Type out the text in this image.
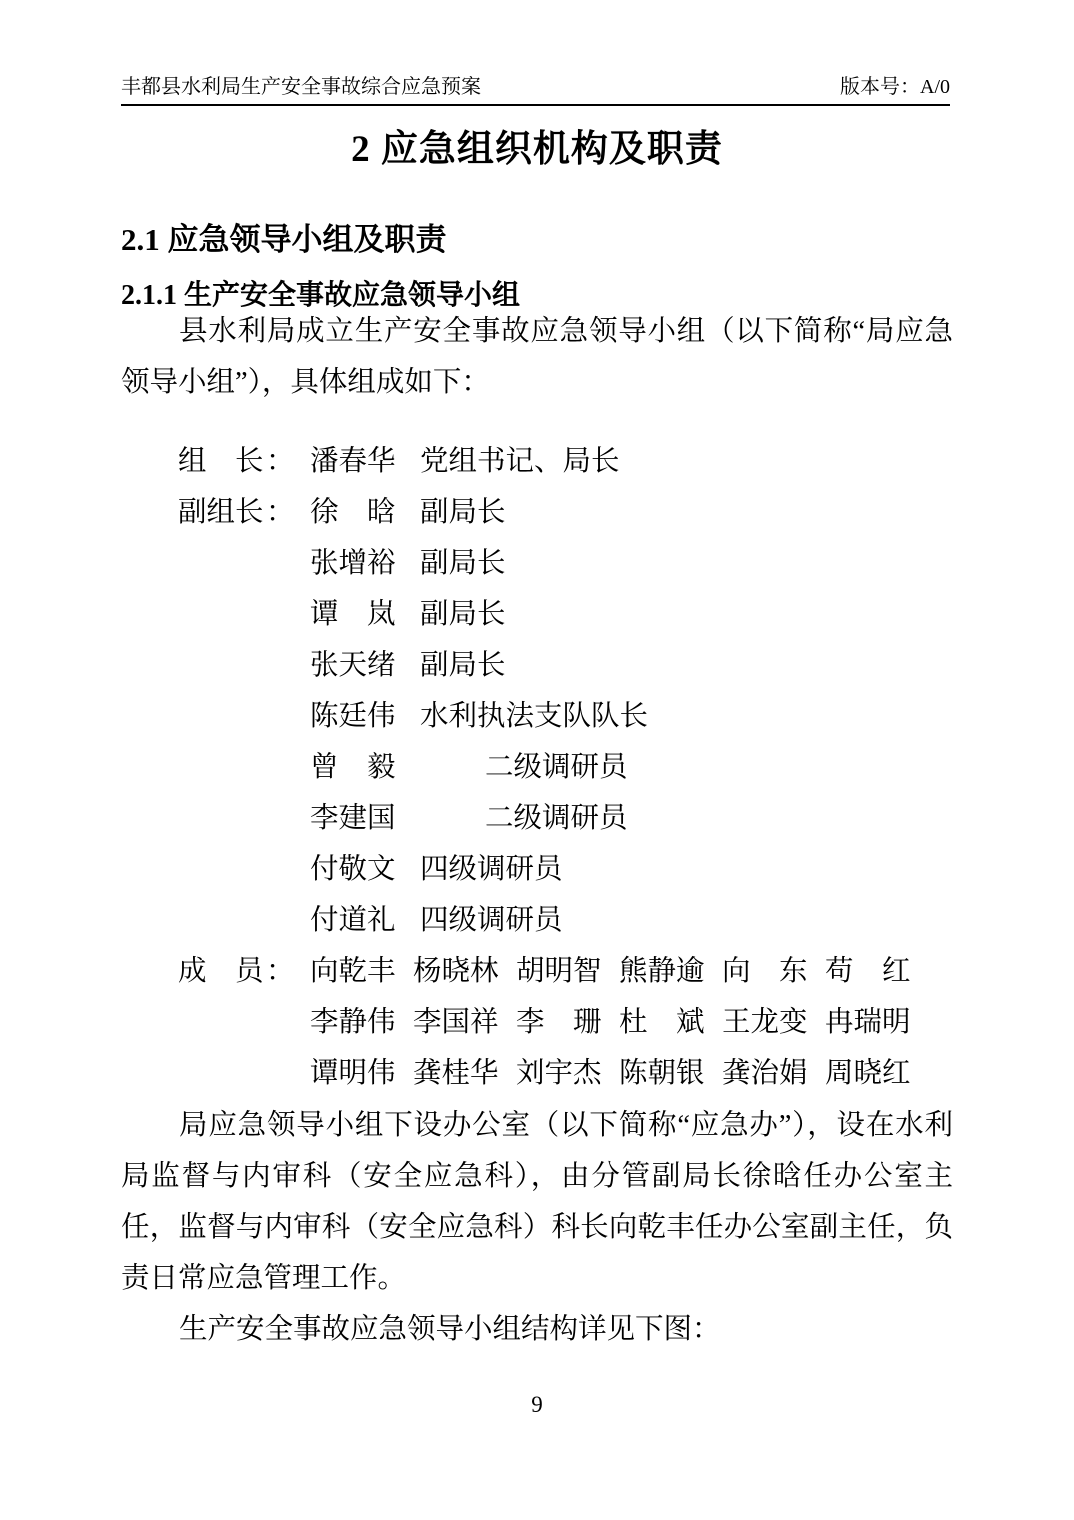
丰都县水利局生产安全事故综合应急预案	版本号：A/0
2 应急组织机构及职责
2.1 应急领导小组及职责
2.1.1 生产安全事故应急领导小组
县水利局成立生产安全事故应急领导小组（以下简称“局应急领导小组”），具体组成如下：
组　长 ： 潘春华 党组书记、局长
副组长 ： 徐　晗 副局长
张增裕 副局长
谭　岚 副局长
张天绪 副局长
陈廷伟 水利执法支队队长
曾　毅	二级调研员
李建国	二级调研员
付敬文 四级调研员
付道礼 四级调研员
成　员 ： 向乾丰 杨晓林 胡明智 熊静逾 向　东 苟　红
李静伟 李国祥 李　珊 杜　斌 王龙变 冉瑞明
谭明伟 龚桂华 刘宇杰 陈朝银 龚治娟 周晓红

局应急领导小组下设办公室（以下简称“应急办”），设在水利局监督与内审科（安全应急科），由分管副局长徐晗任办公室主任，监督与内审科（安全应急科）科长向乾丰任办公室副主任，负责日常应急管理工作。

生产安全事故应急领导小组结构详见下图：

9
